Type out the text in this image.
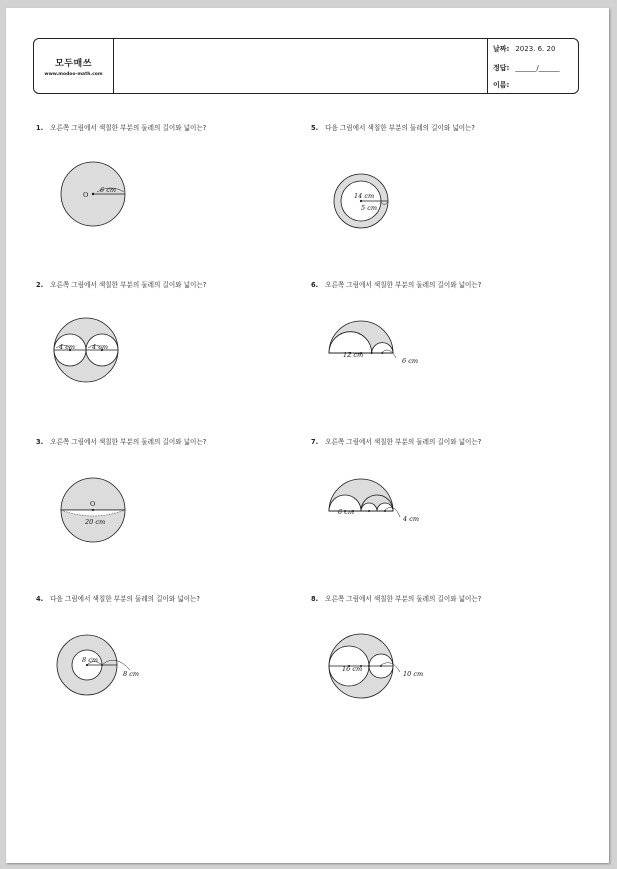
모두매쓰
www.modoo-math.com
날짜: 2023. 6. 20
정답: ______/______
이름:
1. 오른쪽 그림에서 색칠한 부분의 둘레의 길이와 넓이는?
O
6 cm
2. 오른쪽 그림에서 색칠한 부분의 둘레의 길이와 넓이는?
4 cm	4 cm
3. 오른쪽 그림에서 색칠한 부분의 둘레의 길이와 넓이는?
O
20 cm
4. 다음 그림에서 색칠한 부분의 둘레의 길이와 넓이는?
8 cm
8 cm
5. 다음 그림에서 색칠한 부분의 둘레의 길이와 넓이는?
14 cm
5 cm
6. 오른쪽 그림에서 색칠한 부분의 둘레의 길이와 넓이는?
12 cm
6 cm
7. 오른쪽 그림에서 색칠한 부분의 둘레의 길이와 넓이는?
6 cm
4 cm
8. 오른쪽 그림에서 색칠한 부분의 둘레의 길이와 넓이는?
16 cm
10 cm
